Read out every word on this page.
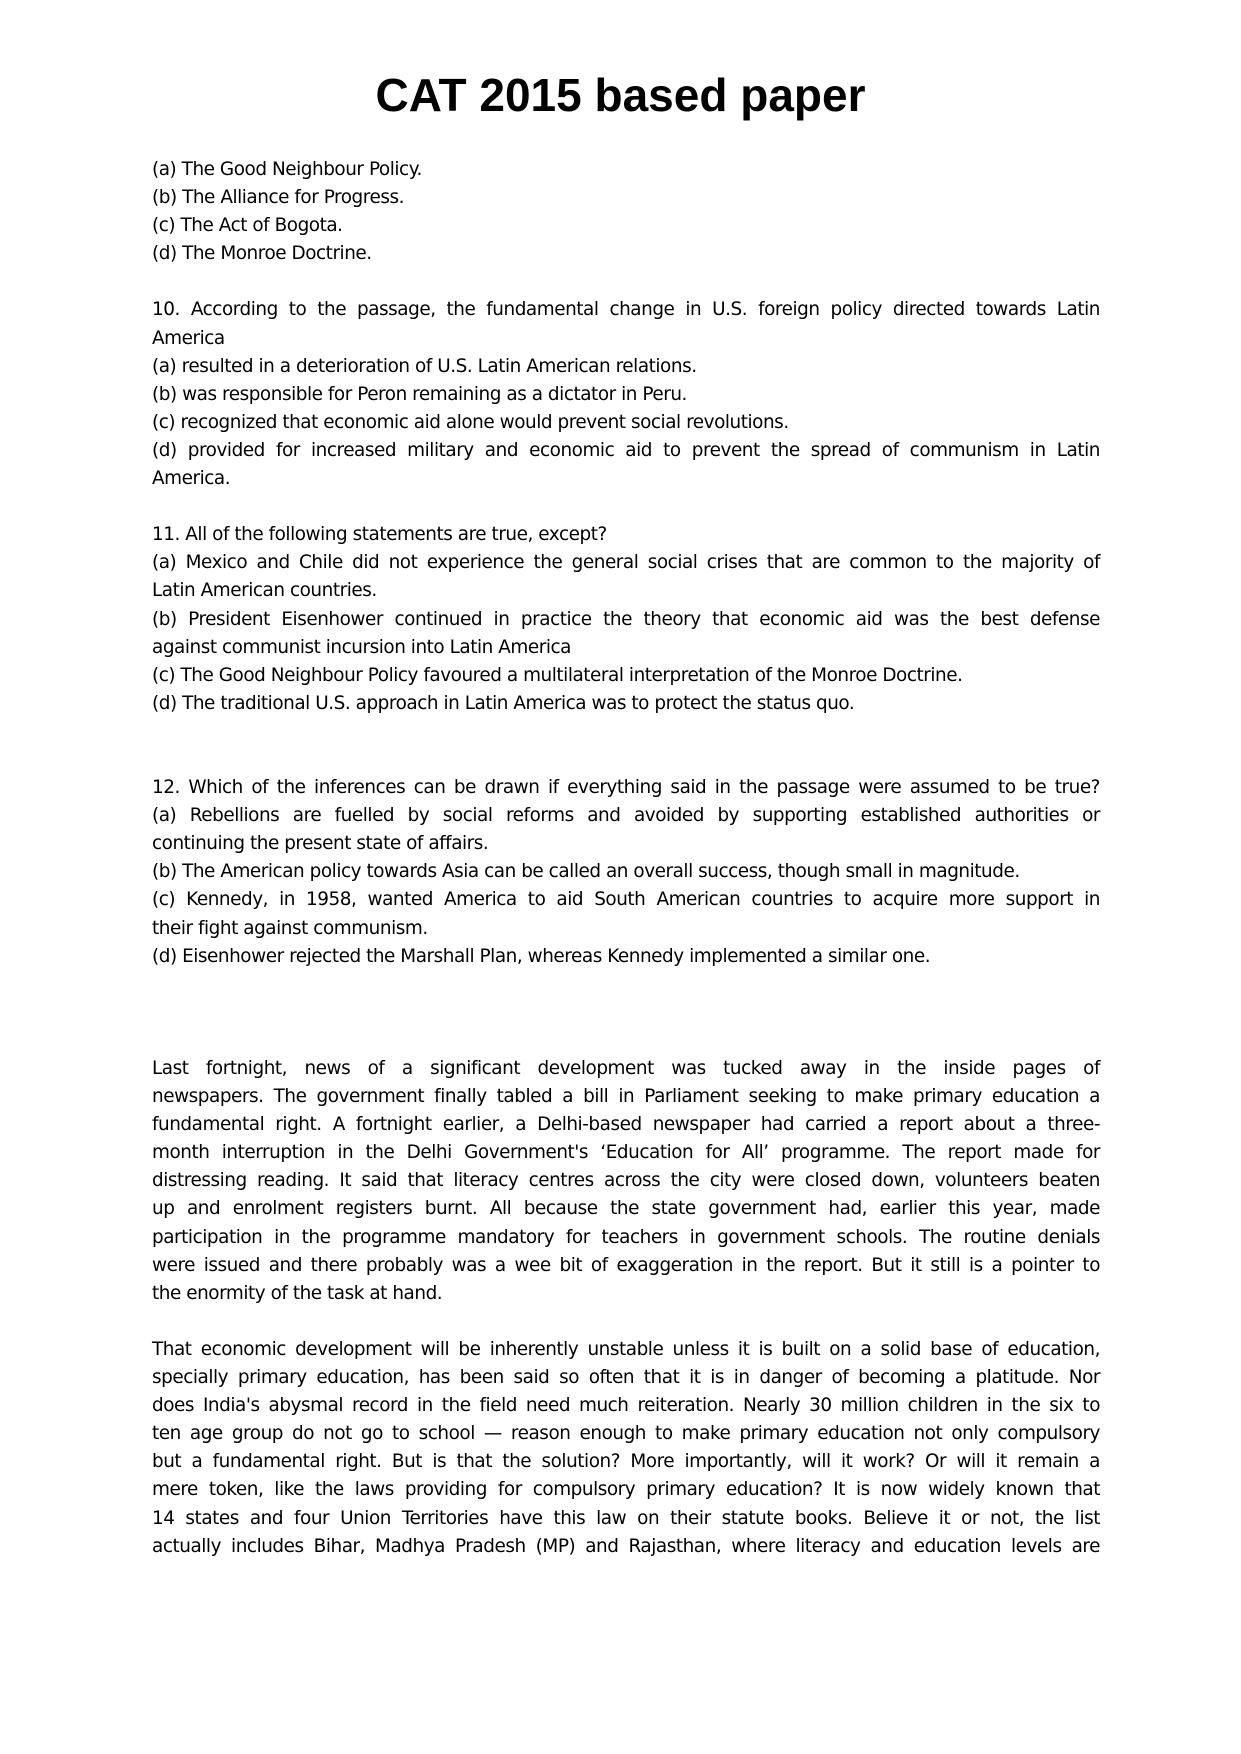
CAT 2015 based paper
(a) The Good Neighbour Policy.
(b) The Alliance for Progress.
(c) The Act of Bogota.
(d) The Monroe Doctrine.
10. According to the passage, the fundamental change in U.S. foreign policy directed towards Latin
America
(a) resulted in a deterioration of U.S. Latin American relations.
(b) was responsible for Peron remaining as a dictator in Peru.
(c) recognized that economic aid alone would prevent social revolutions.
(d) provided for increased military and economic aid to prevent the spread of communism in Latin
America.
11. All of the following statements are true, except?
(a) Mexico and Chile did not experience the general social crises that are common to the majority of
Latin American countries.
(b) President Eisenhower continued in practice the theory that economic aid was the best defense
against communist incursion into Latin America
(c) The Good Neighbour Policy favoured a multilateral interpretation of the Monroe Doctrine.
(d) The traditional U.S. approach in Latin America was to protect the status quo.
12. Which of the inferences can be drawn if everything said in the passage were assumed to be true?
(a) Rebellions are fuelled by social reforms and avoided by supporting established authorities or
continuing the present state of affairs.
(b) The American policy towards Asia can be called an overall success, though small in magnitude.
(c) Kennedy, in 1958, wanted America to aid South American countries to acquire more support in
their fight against communism.
(d) Eisenhower rejected the Marshall Plan, whereas Kennedy implemented a similar one.
Last fortnight, news of a significant development was tucked away in the inside pages of
newspapers. The government finally tabled a bill in Parliament seeking to make primary education a
fundamental right. A fortnight earlier, a Delhi-based newspaper had carried a report about a three-
month interruption in the Delhi Government's ‘Education for All’ programme. The report made for
distressing reading. It said that literacy centres across the city were closed down, volunteers beaten
up and enrolment registers burnt. All because the state government had, earlier this year, made
participation in the programme mandatory for teachers in government schools. The routine denials
were issued and there probably was a wee bit of exaggeration in the report. But it still is a pointer to
the enormity of the task at hand.
That economic development will be inherently unstable unless it is built on a solid base of education,
specially primary education, has been said so often that it is in danger of becoming a platitude. Nor
does India's abysmal record in the field need much reiteration. Nearly 30 million children in the six to
ten age group do not go to school — reason enough to make primary education not only compulsory
but a fundamental right. But is that the solution? More importantly, will it work? Or will it remain a
mere token, like the laws providing for compulsory primary education? It is now widely known that
14 states and four Union Territories have this law on their statute books. Believe it or not, the list
actually includes Bihar, Madhya Pradesh (MP) and Rajasthan, where literacy and education levels are
